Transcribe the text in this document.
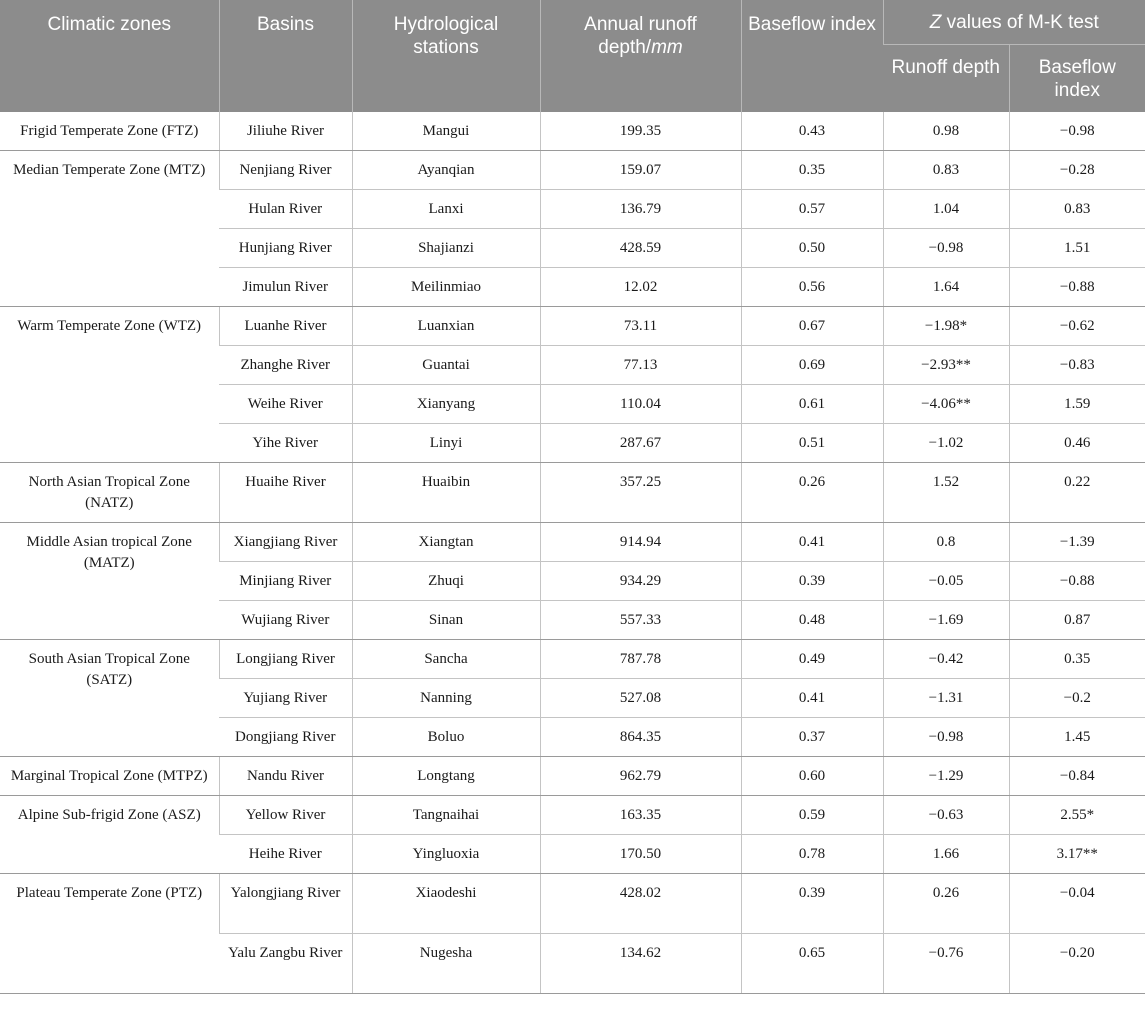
Climatic zones	Basins	Hydrological stations	Annual runoff depth/mm	Baseflow index	Z values of M-K test	
					Runoff depth	Baseflow index
Frigid Temperate Zone (FTZ)	Jiliuhe River	Mangui	199.35	0.43	0.98	−0.98
Median Temperate Zone (MTZ)	Nenjiang River	Ayanqian	159.07	0.35	0.83	−0.28
	Hulan River	Lanxi	136.79	0.57	1.04	0.83
	Hunjiang River	Shajianzi	428.59	0.50	−0.98	1.51
	Jimulun River	Meilinmiao	12.02	0.56	1.64	−0.88
Warm Temperate Zone (WTZ)	Luanhe River	Luanxian	73.11	0.67	−1.98*	−0.62
	Zhanghe River	Guantai	77.13	0.69	−2.93**	−0.83
	Weihe River	Xianyang	110.04	0.61	−4.06**	1.59
	Yihe River	Linyi	287.67	0.51	−1.02	0.46
North Asian Tropical Zone (NATZ)	Huaihe River	Huaibin	357.25	0.26	1.52	0.22
Middle Asian tropical Zone (MATZ)	Xiangjiang River	Xiangtan	914.94	0.41	0.8	−1.39
	Minjiang River	Zhuqi	934.29	0.39	−0.05	−0.88
	Wujiang River	Sinan	557.33	0.48	−1.69	0.87
South Asian Tropical Zone (SATZ)	Longjiang River	Sancha	787.78	0.49	−0.42	0.35
	Yujiang River	Nanning	527.08	0.41	−1.31	−0.2
	Dongjiang River	Boluo	864.35	0.37	−0.98	1.45
Marginal Tropical Zone (MTPZ)	Nandu River	Longtang	962.79	0.60	−1.29	−0.84
Alpine Sub-frigid Zone (ASZ)	Yellow River	Tangnaihai	163.35	0.59	−0.63	2.55*
	Heihe River	Yingluoxia	170.50	0.78	1.66	3.17**
Plateau Temperate Zone (PTZ)	Yalongjiang River	Xiaodeshi	428.02	0.39	0.26	−0.04
	Yalu Zangbu River	Nugesha	134.62	0.65	−0.76	−0.20
